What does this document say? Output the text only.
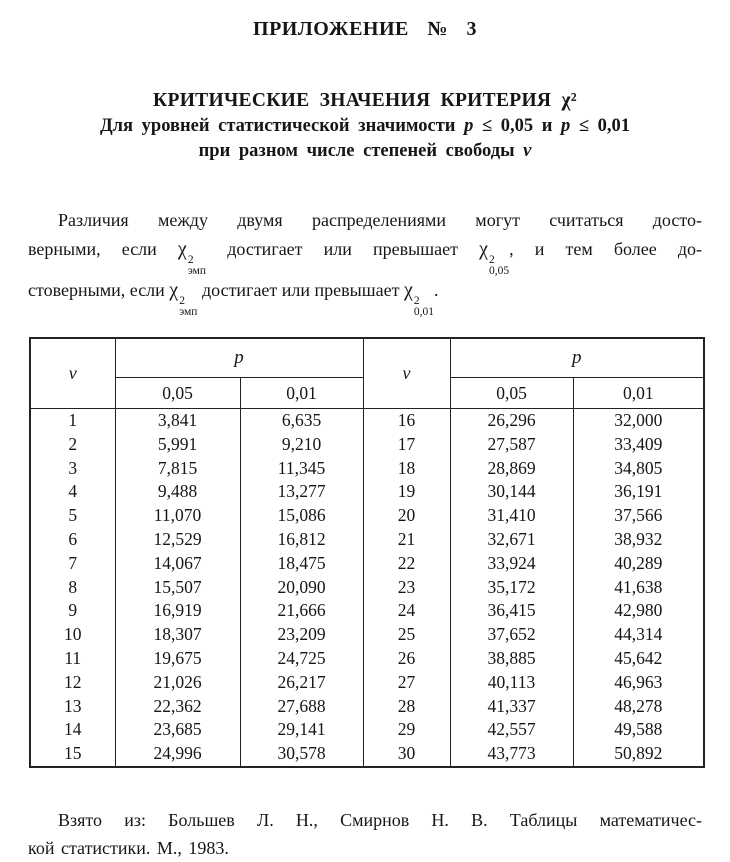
ПРИЛОЖЕНИЕ № 3
КРИТИЧЕСКИЕ ЗНАЧЕНИЯ КРИТЕРИЯ χ²
Для уровней статистической значимости p ≤ 0,05 и p ≤ 0,01
при разном числе степеней свободы ν
Различия между двумя распределениями могут считаться досто-
верными, если χ 2
эмп
достигает или превышает χ 2
0,05
, и тем более до-
стоверными, если χ 2
эмп
достигает или превышает χ 2
0,01
.
ν	p		ν	p	
	0,05	0,01		0,05	0,01
1	3,841	6,635	16	26,296	32,000
2	5,991	9,210	17	27,587	33,409
3	7,815	11,345	18	28,869	34,805
4	9,488	13,277	19	30,144	36,191
5	11,070	15,086	20	31,410	37,566
6	12,529	16,812	21	32,671	38,932
7	14,067	18,475	22	33,924	40,289
8	15,507	20,090	23	35,172	41,638
9	16,919	21,666	24	36,415	42,980
10	18,307	23,209	25	37,652	44,314
11	19,675	24,725	26	38,885	45,642
12	21,026	26,217	27	40,113	46,963
13	22,362	27,688	28	41,337	48,278
14	23,685	29,141	29	42,557	49,588
15	24,996	30,578	30	43,773	50,892
Взято из: Большев Л. Н., Смирнов Н. В. Таблицы математичес-
кой статистики. М., 1983.
